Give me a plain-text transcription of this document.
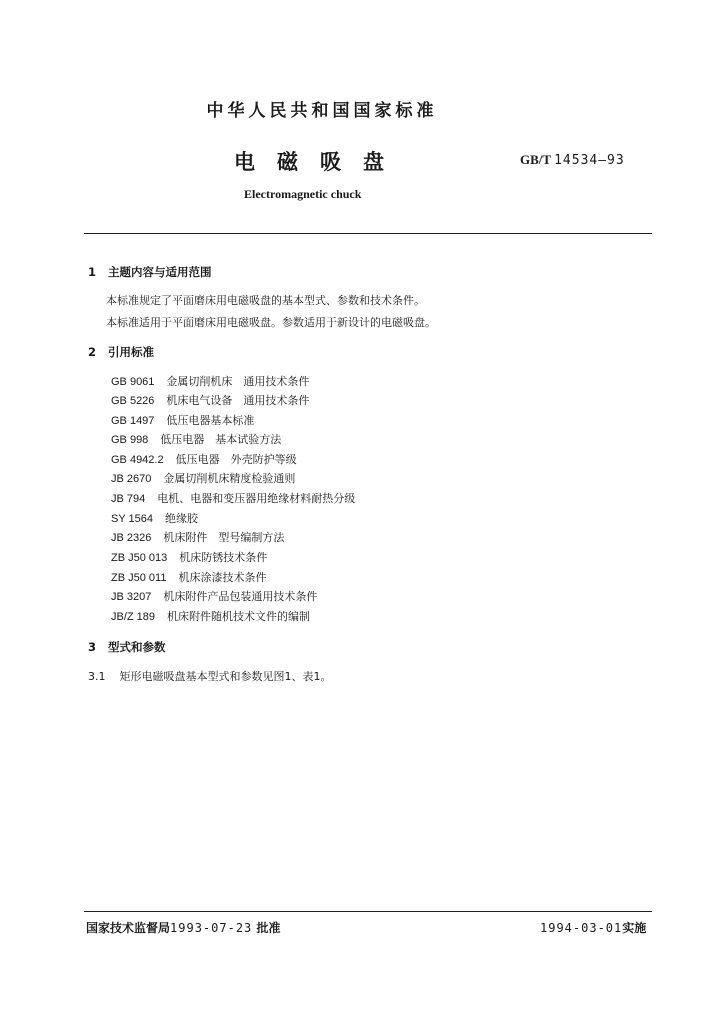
中华人民共和国国家标准
电磁吸盘	GB/T 14534—93
Electromagnetic chuck
1 主题内容与适用范围
本标准规定了平面磨床用电磁吸盘的基本型式、参数和技术条件。
本标准适用于平面磨床用电磁吸盘。参数适用于新设计的电磁吸盘。
2 引用标准
GB 9061 金属切削机床　通用技术条件
GB 5226 机床电气设备　通用技术条件
GB 1497 低压电器基本标准
GB 998 低压电器　基本试验方法
GB 4942.2 低压电器　外壳防护等级
JB 2670 金属切削机床精度检验通则
JB 794 电机、电器和变压器用绝缘材料耐热分级
SY 1564 绝缘胶
JB 2326 机床附件　型号编制方法
ZB J50 013 机床防锈技术条件
ZB J50 011 机床涂漆技术条件
JB 3207 机床附件产品包装通用技术条件
JB/Z 189 机床附件随机技术文件的编制
3 型式和参数
3.1 矩形电磁吸盘基本型式和参数见图1、表1。
国家技术监督局1993-07-23 批准	1994-03-01实施
